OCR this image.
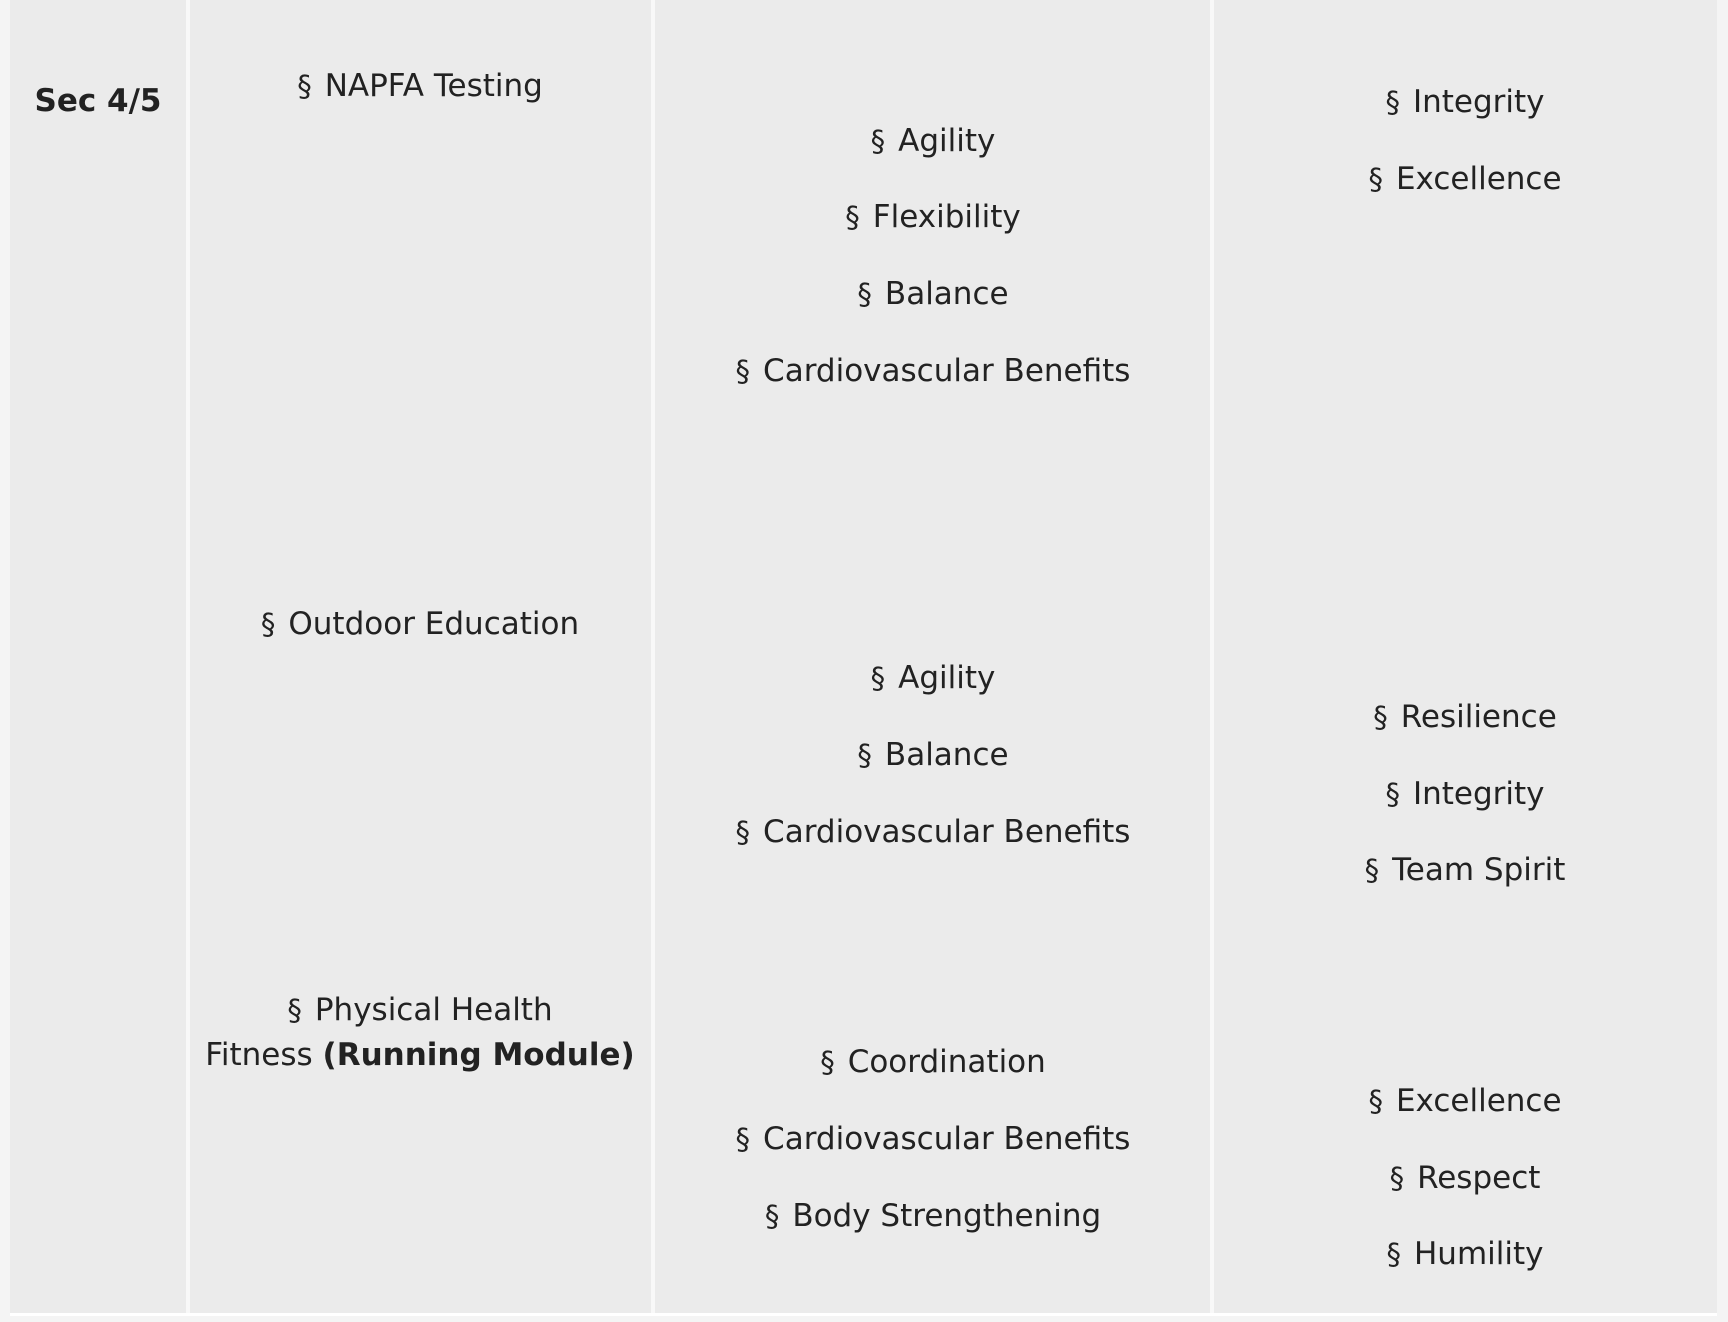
Sec 4/5	§ NAPFA Testing
§ Agility
§ Flexibility
§ Balance
§ Cardiovascular Benefits
§ Integrity
§ Excellence
§ Outdoor Education
§ Agility
§ Balance
§ Cardiovascular Benefits
§ Resilience
§ Integrity
§ Team Spirit
§ Physical Health
Fitness (Running Module)	§ Coordination
§ Cardiovascular Benefits
§ Body Strengthening
§ Excellence
§ Respect
§ Humility
